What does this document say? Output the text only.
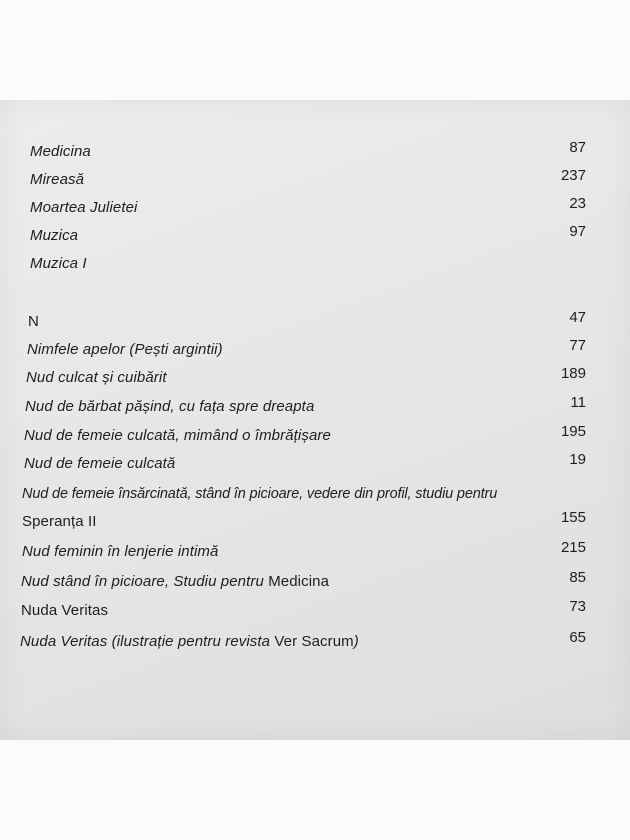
Medicina	87
Mireasă	237
Moartea Julietei	23
Muzica	97
Muzica I
N	47
Nimfele apelor (Pești argintii)	77
Nud culcat și cuibărit	189
Nud de bărbat pășind, cu fața spre dreapta	11
Nud de femeie culcată, mimând o îmbrățișare	195
Nud de femeie culcată	19
Nud de femeie însărcinată, stând în picioare, vedere din profil, studiu pentru
Speranța II	155
Nud feminin în lenjerie intimă	215
Nud stând în picioare, Studiu pentru Medicina	85
Nuda Veritas	73
Nuda Veritas (ilustrație pentru revista Ver Sacrum)	65
